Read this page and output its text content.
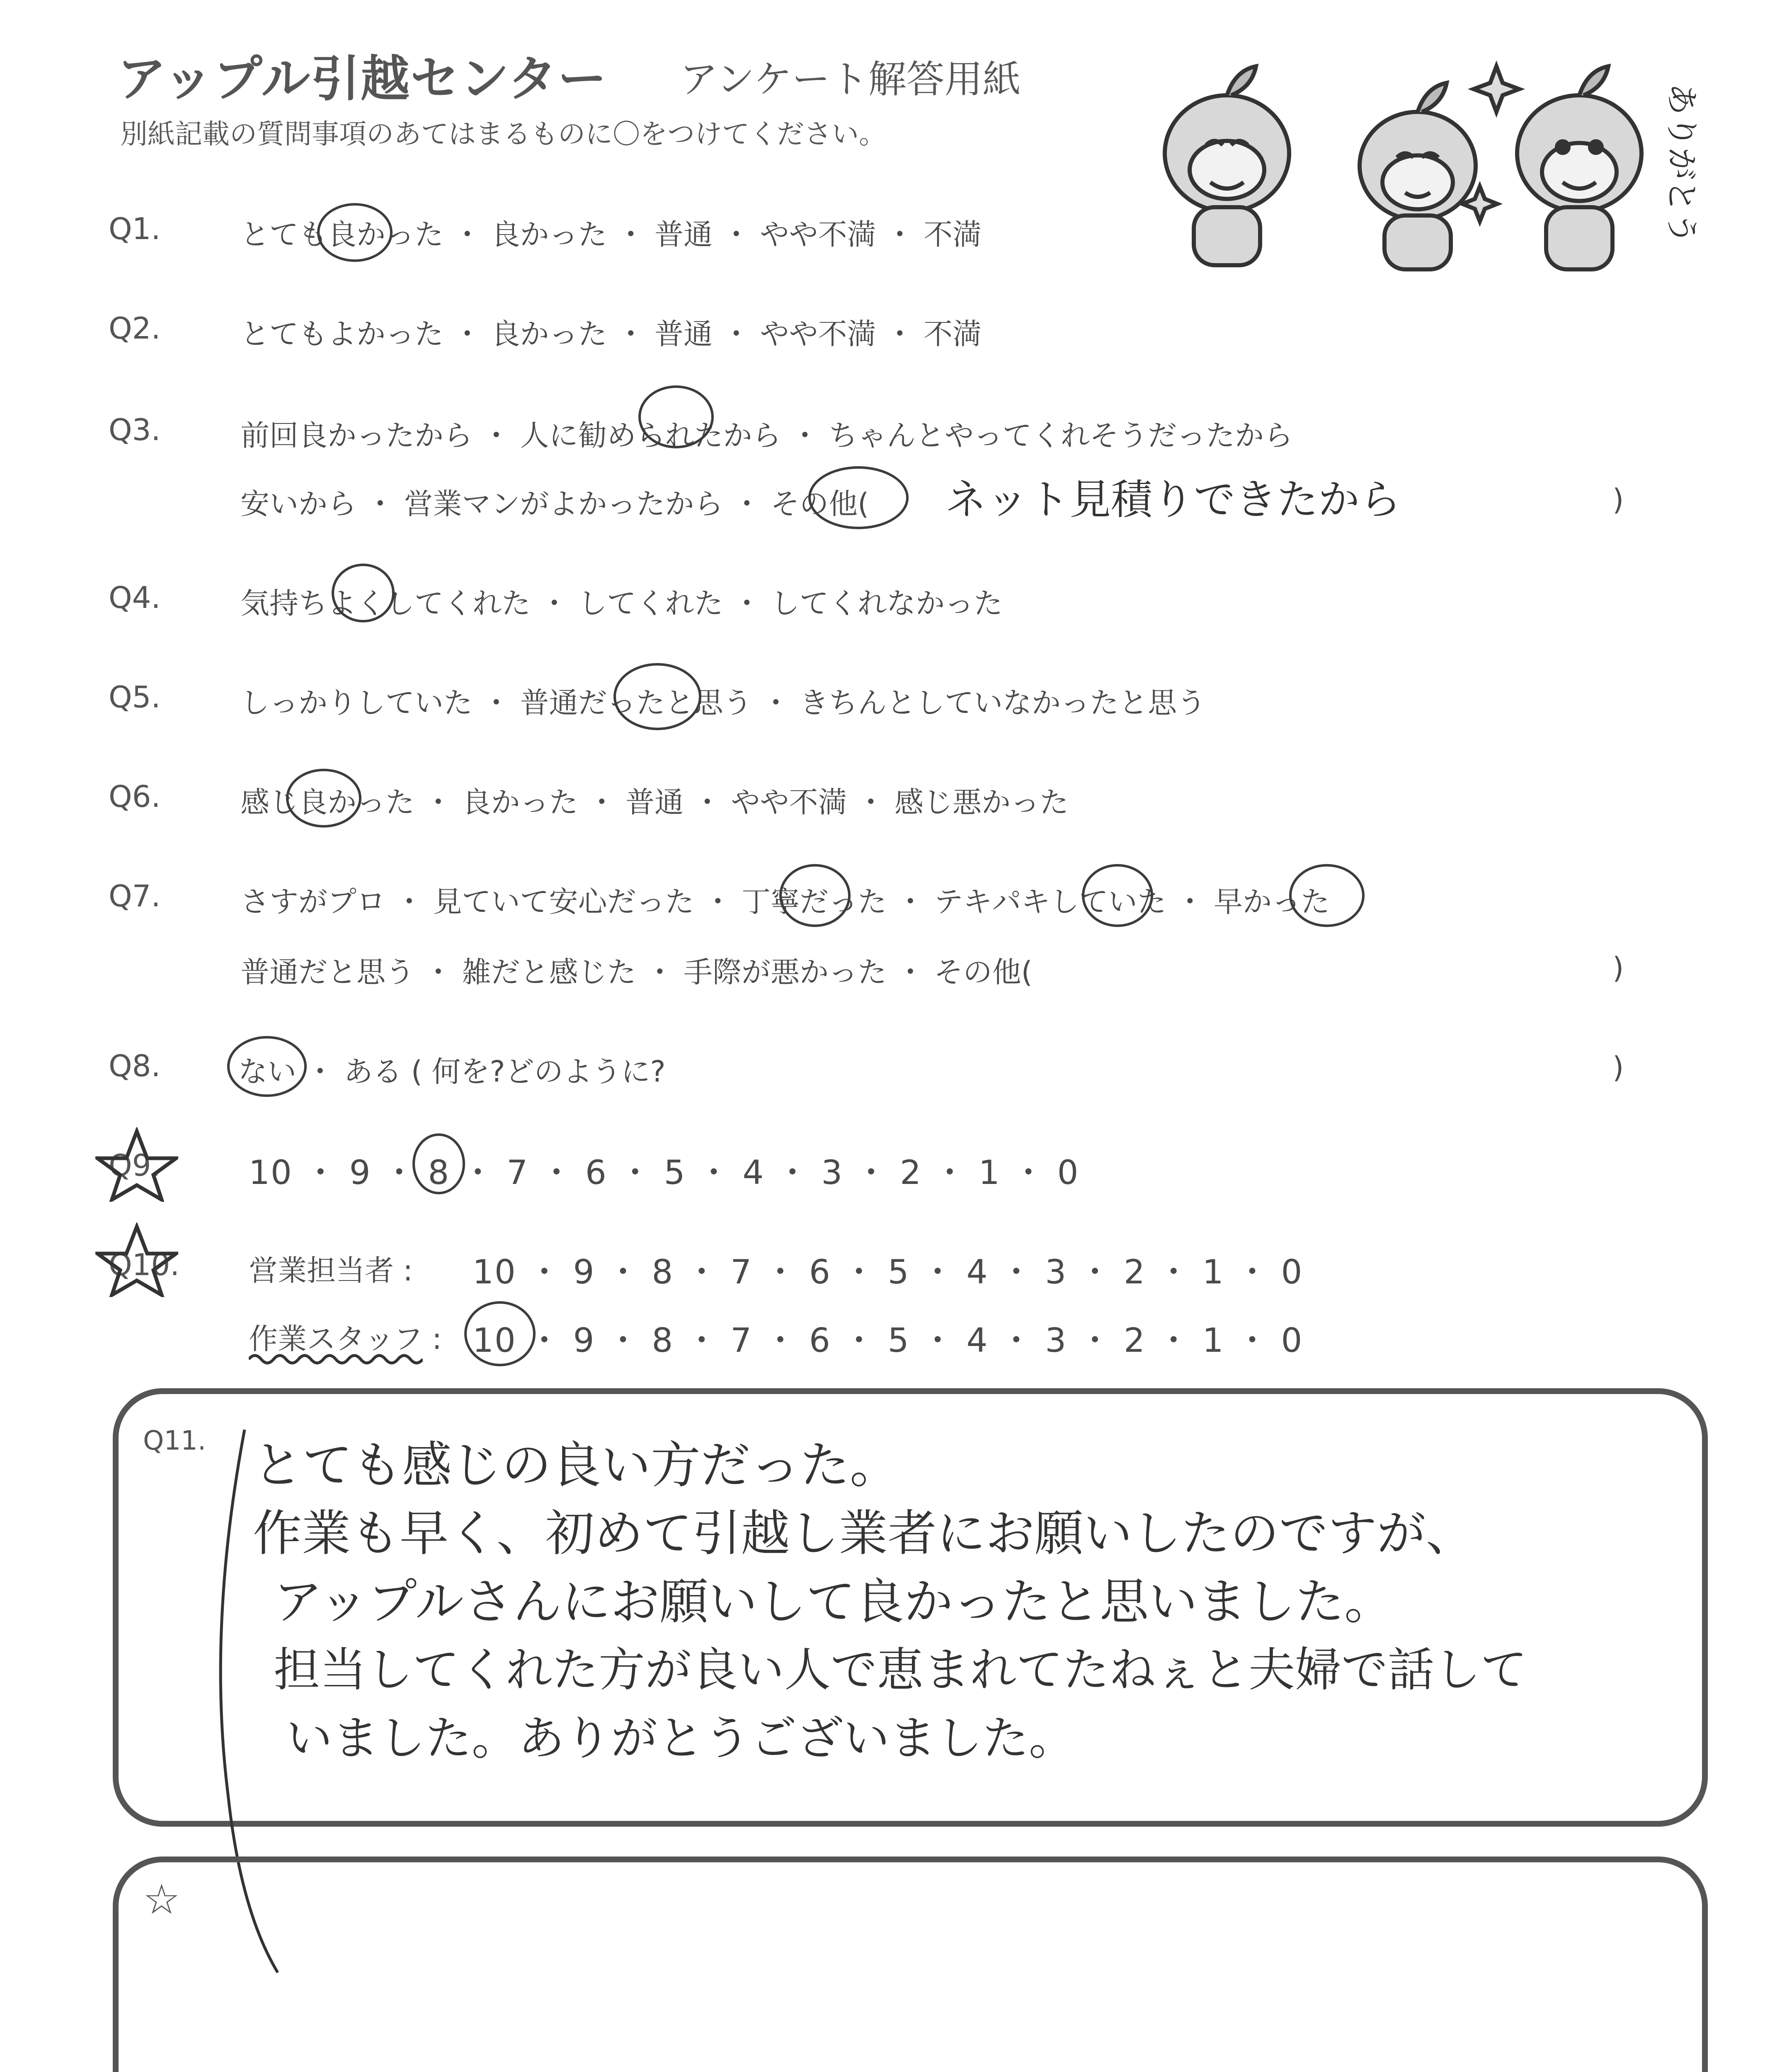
アップル引越センター アンケート解答用紙
別紙記載の質問事項のあてはまるものに〇をつけてください。	ありがとう
Q1.	とても良かった ・ 良かった ・ 普通 ・ やや不満 ・ 不満
Q2.	とてもよかった ・ 良かった ・ 普通 ・ やや不満 ・ 不満
Q3.	前回良かったから ・ 人に勧められたから ・ ちゃんとやってくれそうだったから
安いから ・ 営業マンがよかったから ・ その他( ネット見積りできたから	)
Q4.	気持ちよくしてくれた ・ してくれた ・ してくれなかった
Q5.	しっかりしていた ・ 普通だったと思う ・ きちんとしていなかったと思う
Q6.	感じ良かった ・ 良かった ・ 普通 ・ やや不満 ・ 感じ悪かった
Q7.	さすがプロ ・ 見ていて安心だった ・ 丁寧だった ・ テキパキしていた ・ 早かった
普通だと思う ・ 雑だと感じた ・ 手際が悪かった ・ その他(	)
Q8.	ない ・ ある ( 何を?どのように?	)
Q9.	10 ・ 9 ・ 8 ・ 7 ・ 6 ・ 5 ・ 4 ・ 3 ・ 2 ・ 1 ・ 0
Q10. 営業担当者 : 10 ・ 9 ・ 8 ・ 7 ・ 6 ・ 5 ・ 4 ・ 3 ・ 2 ・ 1 ・ 0
作業スタッフ : 10 ・ 9 ・ 8 ・ 7 ・ 6 ・ 5 ・ 4 ・ 3 ・ 2 ・ 1 ・ 0
Q11. とても感じの良い方だった。
作業も早く、初めて引越し業者にお願いしたのですが、
アップルさんにお願いして良かったと思いました。
担当してくれた方が良い人で恵まれてたねぇと夫婦で話して
いました。ありがとうございました。
☆
